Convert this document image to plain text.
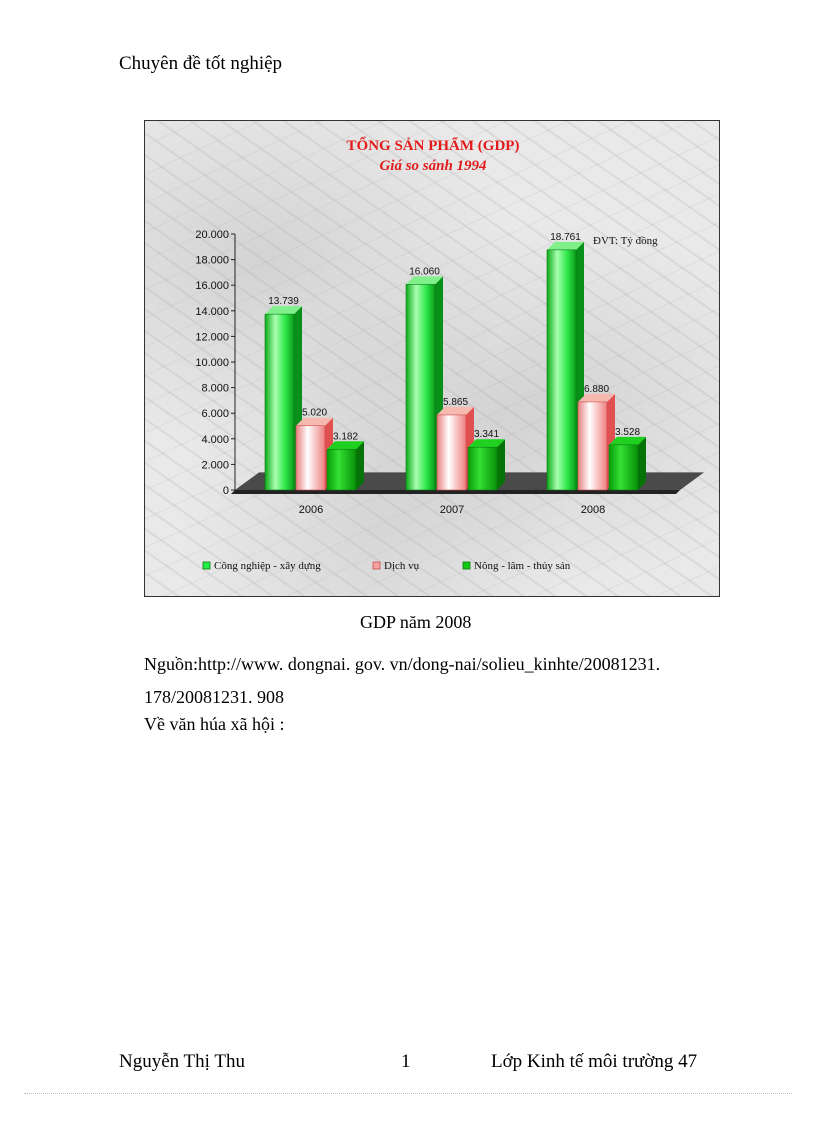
Chuyên đề tốt nghiệp
TỔNG SẢN PHẨM (GDP)
Giá so sánh 1994
ĐVT: Tỷ đồng
0
2.000
4.000
6.000
8.000
10.000
12.000
14.000
16.000
18.000
20.000
2006	2007	2008
13.739
5.020
3.182
16.060
5.865
3.341
18.761
6.880
3.528
Công nghiệp - xây dựng	Dịch vụ	Nông - lâm - thủy sản
GDP năm 2008
Nguồn:http://www. dongnai. gov. vn/dong-nai/solieu_kinhte/20081231.
178/20081231. 908
Về văn húa xã hội :
Nguyễn Thị Thu	1	Lớp Kinh tế môi trường 47
